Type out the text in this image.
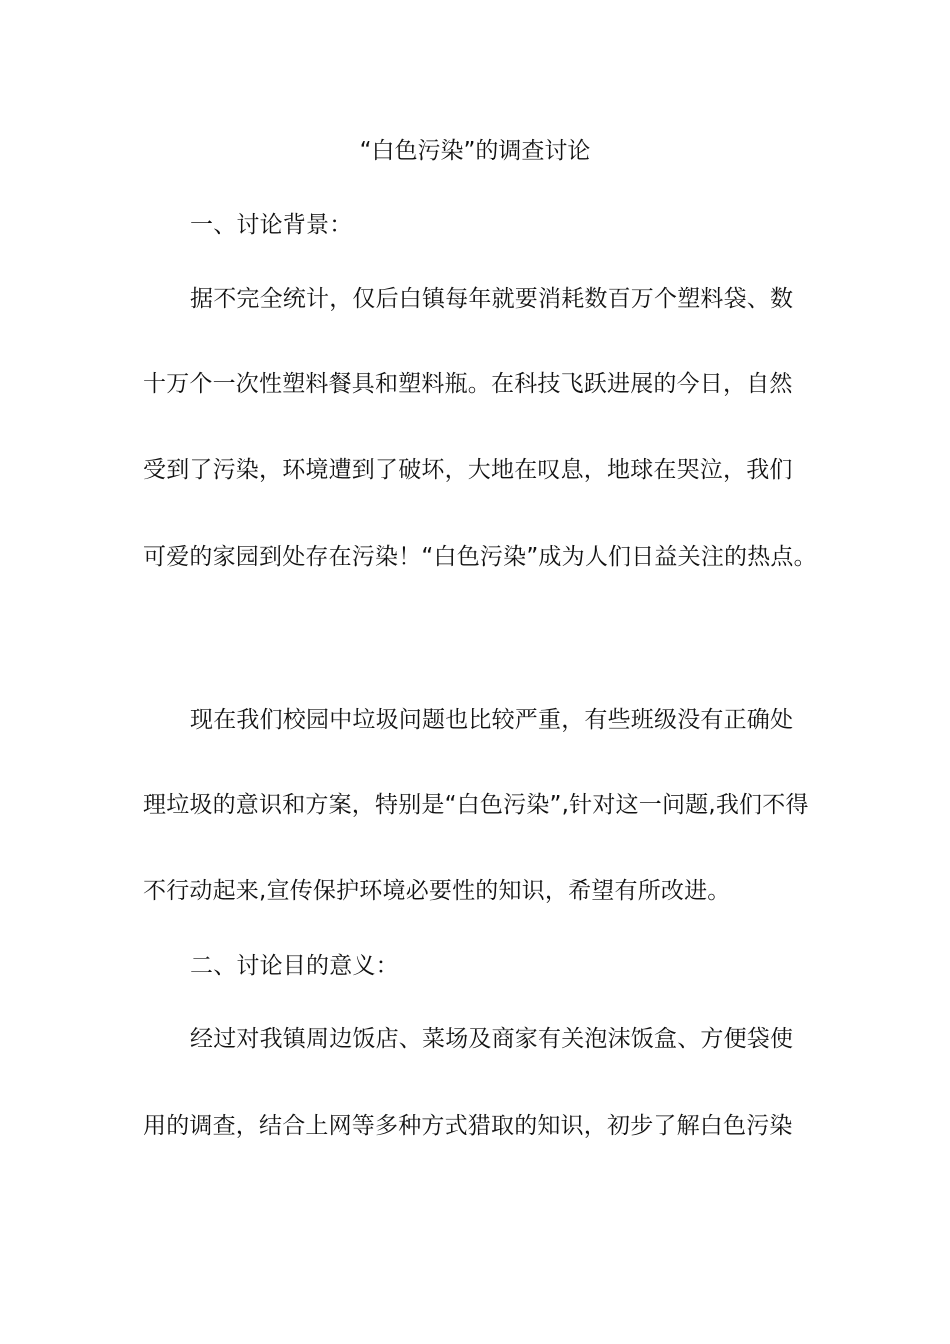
“白色污染”的调查讨论
一、讨论背景：
据不完全统计，仅后白镇每年就要消耗数百万个塑料袋、数
十万个一次性塑料餐具和塑料瓶。在科技飞跃进展的今日，自然
受到了污染，环境遭到了破坏，大地在叹息，地球在哭泣，我们
可爱的家园到处存在污染！“白色污染”成为人们日益关注的热点。
现在我们校园中垃圾问题也比较严重，有些班级没有正确处
理垃圾的意识和方案，特别是“白色污染”,针对这一问题,我们不得
不行动起来,宣传保护环境必要性的知识，希望有所改进。
二、讨论目的意义：
经过对我镇周边饭店、菜场及商家有关泡沫饭盒、方便袋使
用的调查，结合上网等多种方式猎取的知识，初步了解白色污染
